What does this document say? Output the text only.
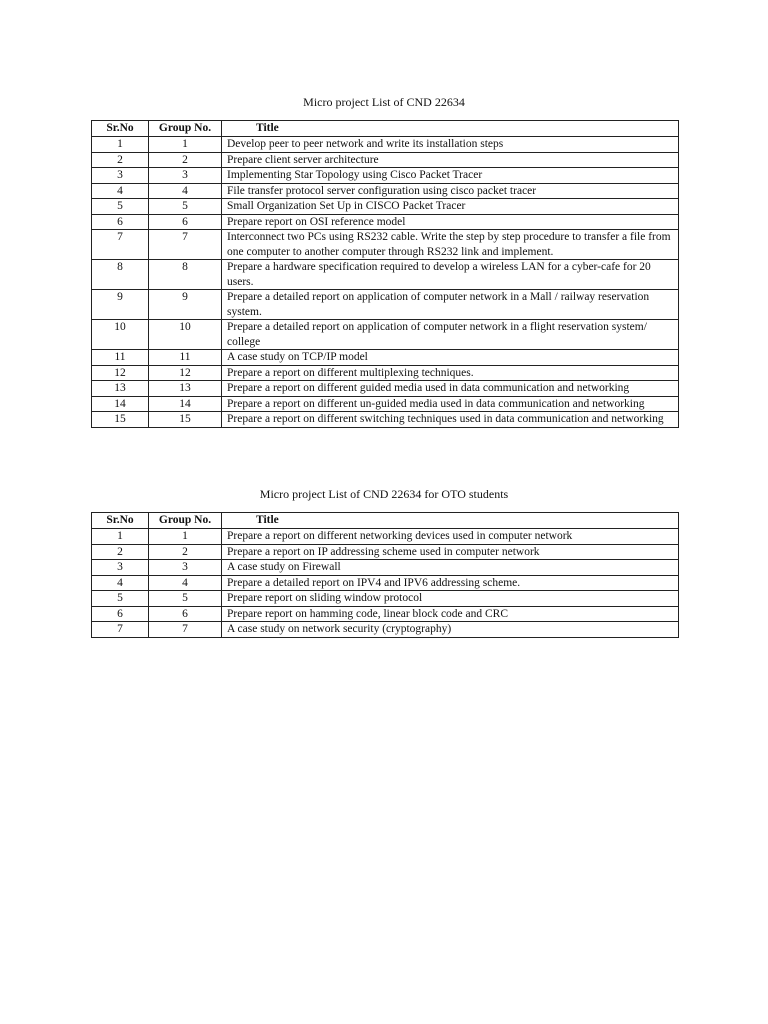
Micro project List of CND 22634
Sr.No	Group No.	Title
1	1	Develop peer to peer network and write its installation steps
2	2	Prepare client server architecture
3	3	Implementing Star Topology using Cisco Packet Tracer
4	4	File transfer protocol server configuration using cisco packet tracer
5	5	Small Organization Set Up in CISCO Packet Tracer
6	6	Prepare report on OSI reference model
7	7	Interconnect two PCs using RS232 cable. Write the step by step procedure to transfer a file from one computer to another computer through RS232 link and implement.
8	8	Prepare a hardware specification required to develop a wireless LAN for a cyber-cafe for 20 users.
9	9	Prepare a detailed report on application of computer network in a Mall / railway reservation system.
10	10	Prepare a detailed report on application of computer network in a flight reservation system/ college
11	11	A case study on TCP/IP model
12	12	Prepare a report on different multiplexing techniques.
13	13	Prepare a report on different guided media used in data communication and networking
14	14	Prepare a report on different un-guided media used in data communication and networking
15	15	Prepare a report on different switching techniques used in data communication and networking
Micro project List of CND 22634 for OTO students
Sr.No	Group No.	Title
1	1	Prepare a report on different networking devices used in computer network
2	2	Prepare a report on IP addressing scheme used in computer network
3	3	A case study on Firewall
4	4	Prepare a detailed report on IPV4 and IPV6 addressing scheme.
5	5	Prepare report on sliding window protocol
6	6	Prepare report on hamming code, linear block code and CRC
7	7	A case study on network security (cryptography)
